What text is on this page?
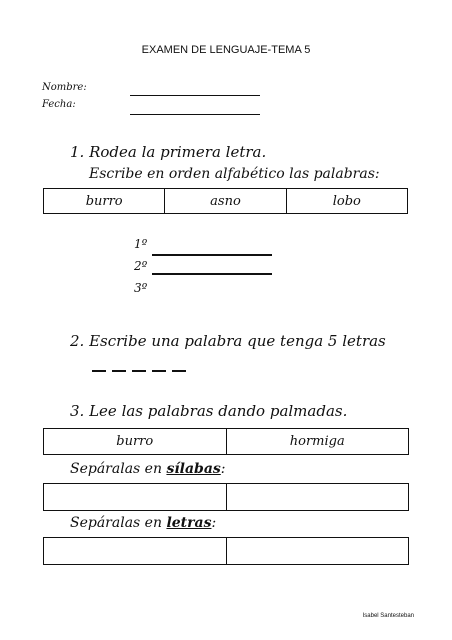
EXAMEN DE LENGUAJE-TEMA 5
Nombre:
Fecha:
1. Rodea la primera letra.
Escribe en orden alfabético las palabras:
burro	asno	lobo
1º
2º
3º
2. Escribe una palabra que tenga 5 letras
3. Lee las palabras dando palmadas.
burro	hormiga
Sepáralas en sílabas:

Sepáralas en letras:

Isabel Santesteban
